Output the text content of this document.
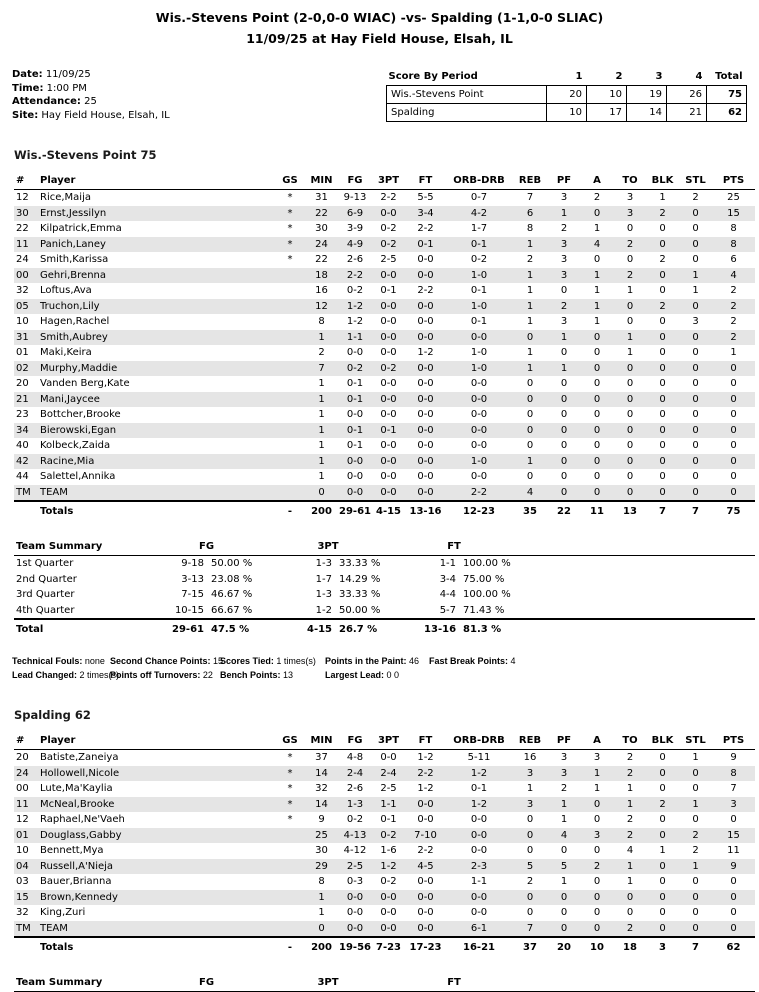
Wis.-Stevens Point (2-0,0-0 WIAC) -vs- Spalding (1-1,0-0 SLIAC)
11/09/25 at Hay Field House, Elsah, IL
Date: 11/09/25
Time: 1:00 PM
Attendance: 25
Site: Hay Field House, Elsah, IL
Score By Period	1	2	3	4	Total
Wis.-Stevens Point	20	10	19	26	75
Spalding	10	17	14	21	62
Wis.-Stevens Point 75
#	Player	GS	MIN	FG	3PT	FT	ORB-DRB	REB	PF	A	TO	BLK	STL	PTS
12	Rice,Maija	*	31	9-13	2-2	5-5	0-7	7	3	2	3	1	2	25
30	Ernst,Jessilyn	*	22	6-9	0-0	3-4	4-2	6	1	0	3	2	0	15
22	Kilpatrick,Emma	*	30	3-9	0-2	2-2	1-7	8	2	1	0	0	0	8
11	Panich,Laney	*	24	4-9	0-2	0-1	0-1	1	3	4	2	0	0	8
24	Smith,Karissa	*	22	2-6	2-5	0-0	0-2	2	3	0	0	2	0	6
00	Gehri,Brenna		18	2-2	0-0	0-0	1-0	1	3	1	2	0	1	4
32	Loftus,Ava		16	0-2	0-1	2-2	0-1	1	0	1	1	0	1	2
05	Truchon,Lily		12	1-2	0-0	0-0	1-0	1	2	1	0	2	0	2
10	Hagen,Rachel		8	1-2	0-0	0-0	0-1	1	3	1	0	0	3	2
31	Smith,Aubrey		1	1-1	0-0	0-0	0-0	0	1	0	1	0	0	2
01	Maki,Keira		2	0-0	0-0	1-2	1-0	1	0	0	1	0	0	1
02	Murphy,Maddie		7	0-2	0-2	0-0	1-0	1	1	0	0	0	0	0
20	Vanden Berg,Kate		1	0-1	0-0	0-0	0-0	0	0	0	0	0	0	0
21	Mani,Jaycee		1	0-1	0-0	0-0	0-0	0	0	0	0	0	0	0
23	Bottcher,Brooke		1	0-0	0-0	0-0	0-0	0	0	0	0	0	0	0
34	Bierowski,Egan		1	0-1	0-1	0-0	0-0	0	0	0	0	0	0	0
40	Kolbeck,Zaida		1	0-1	0-0	0-0	0-0	0	0	0	0	0	0	0
42	Racine,Mia		1	0-0	0-0	0-0	1-0	1	0	0	0	0	0	0
44	Salettel,Annika		1	0-0	0-0	0-0	0-0	0	0	0	0	0	0	0
TM	TEAM		0	0-0	0-0	0-0	2-2	4	0	0	0	0	0	0
	Totals	-	200	29-61	4-15	13-16	12-23	35	22	11	13	7	7	75
Team Summary	FG		3PT		FT		
1st Quarter	9-18	50.00 %	1-3	33.33 %	1-1	100.00 %	
2nd Quarter	3-13	23.08 %	1-7	14.29 %	3-4	75.00 %	
3rd Quarter	7-15	46.67 %	1-3	33.33 %	4-4	100.00 %	
4th Quarter	10-15	66.67 %	1-2	50.00 %	5-7	71.43 %	
Total	29-61	47.5 %	4-15	26.7 %	13-16	81.3 %	
Technical Fouls: none Second Chance Points: 15
Scores Tied: 1 times(s)	Points in the Paint: 46	Fast Break Points: 4
Lead Changed: 2 times(s)
Points off Turnovers: 22 Bench Points: 13	Largest Lead: 0 0
Spalding 62
#	Player	GS	MIN	FG	3PT	FT	ORB-DRB	REB	PF	A	TO	BLK	STL	PTS
20	Batiste,Zaneiya	*	37	4-8	0-0	1-2	5-11	16	3	3	2	0	1	9
24	Hollowell,Nicole	*	14	2-4	2-4	2-2	1-2	3	3	1	2	0	0	8
00	Lute,Ma'Kaylia	*	32	2-6	2-5	1-2	0-1	1	2	1	1	0	0	7
11	McNeal,Brooke	*	14	1-3	1-1	0-0	1-2	3	1	0	1	2	1	3
12	Raphael,Ne'Vaeh	*	9	0-2	0-1	0-0	0-0	0	1	0	2	0	0	0
01	Douglass,Gabby		25	4-13	0-2	7-10	0-0	0	4	3	2	0	2	15
10	Bennett,Mya		30	4-12	1-6	2-2	0-0	0	0	0	4	1	2	11
04	Russell,A'Nieja		29	2-5	1-2	4-5	2-3	5	5	2	1	0	1	9
03	Bauer,Brianna		8	0-3	0-2	0-0	1-1	2	1	0	1	0	0	0
15	Brown,Kennedy		1	0-0	0-0	0-0	0-0	0	0	0	0	0	0	0
32	King,Zuri		1	0-0	0-0	0-0	0-0	0	0	0	0	0	0	0
TM	TEAM		0	0-0	0-0	0-0	6-1	7	0	0	2	0	0	0
	Totals	-	200	19-56	7-23	17-23	16-21	37	20	10	18	3	7	62
Team Summary	FG	3PT	FT	
